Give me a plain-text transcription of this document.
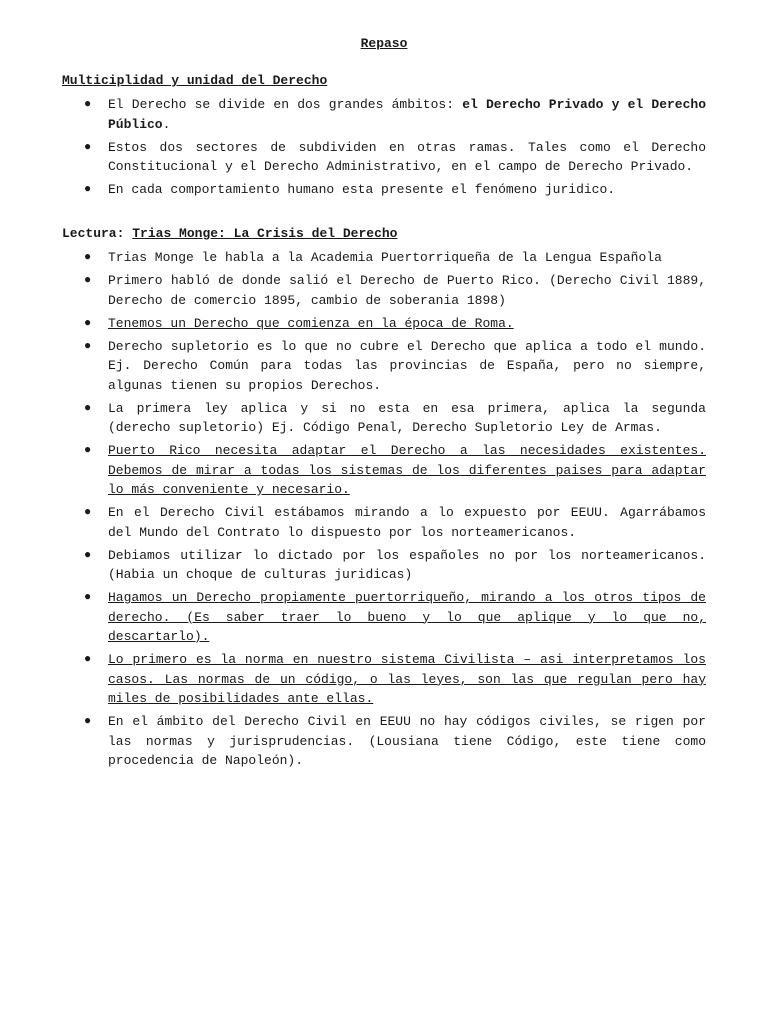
Repaso
Multiciplidad y unidad del Derecho
● El Derecho se divide en dos grandes ámbitos: el Derecho Privado y el Derecho Público.
● Estos dos sectores de subdividen en otras ramas. Tales como el Derecho Constitucional y el Derecho Administrativo, en el campo de Derecho Privado.
● En cada comportamiento humano esta presente el fenómeno juridico.
Lectura: Trias Monge: La Crisis del Derecho
● Trias Monge le habla a la Academia Puertorriqueña de la Lengua Española
● Primero habló de donde salió el Derecho de Puerto Rico. (Derecho Civil 1889, Derecho de comercio 1895, cambio de soberania 1898)
● Tenemos un Derecho que comienza en la época de Roma.
● Derecho supletorio es lo que no cubre el Derecho que aplica a todo el mundo. Ej. Derecho Común para todas las provincias de España, pero no siempre, algunas tienen su propios Derechos.
● La primera ley aplica y si no esta en esa primera, aplica la segunda (derecho supletorio) Ej. Código Penal, Derecho Supletorio Ley de Armas.
● Puerto Rico necesita adaptar el Derecho a las necesidades existentes. Debemos de mirar a todas los sistemas de los diferentes paises para adaptar lo más conveniente y necesario.
● En el Derecho Civil estábamos mirando a lo expuesto por EEUU. Agarrábamos del Mundo del Contrato lo dispuesto por los norteamericanos.
● Debiamos utilizar lo dictado por los españoles no por los norteamericanos. (Habia un choque de culturas juridicas)
● Hagamos un Derecho propiamente puertorriqueño, mirando a los otros tipos de derecho. (Es saber traer lo bueno y lo que aplique y lo que no, descartarlo).
● Lo primero es la norma en nuestro sistema Civilista – asi interpretamos los casos. Las normas de un código, o las leyes, son las que regulan pero hay miles de posibilidades ante ellas.
● En el ámbito del Derecho Civil en EEUU no hay códigos civiles, se rigen por las normas y jurisprudencias. (Lousiana tiene Código, este tiene como procedencia de Napoleón).
